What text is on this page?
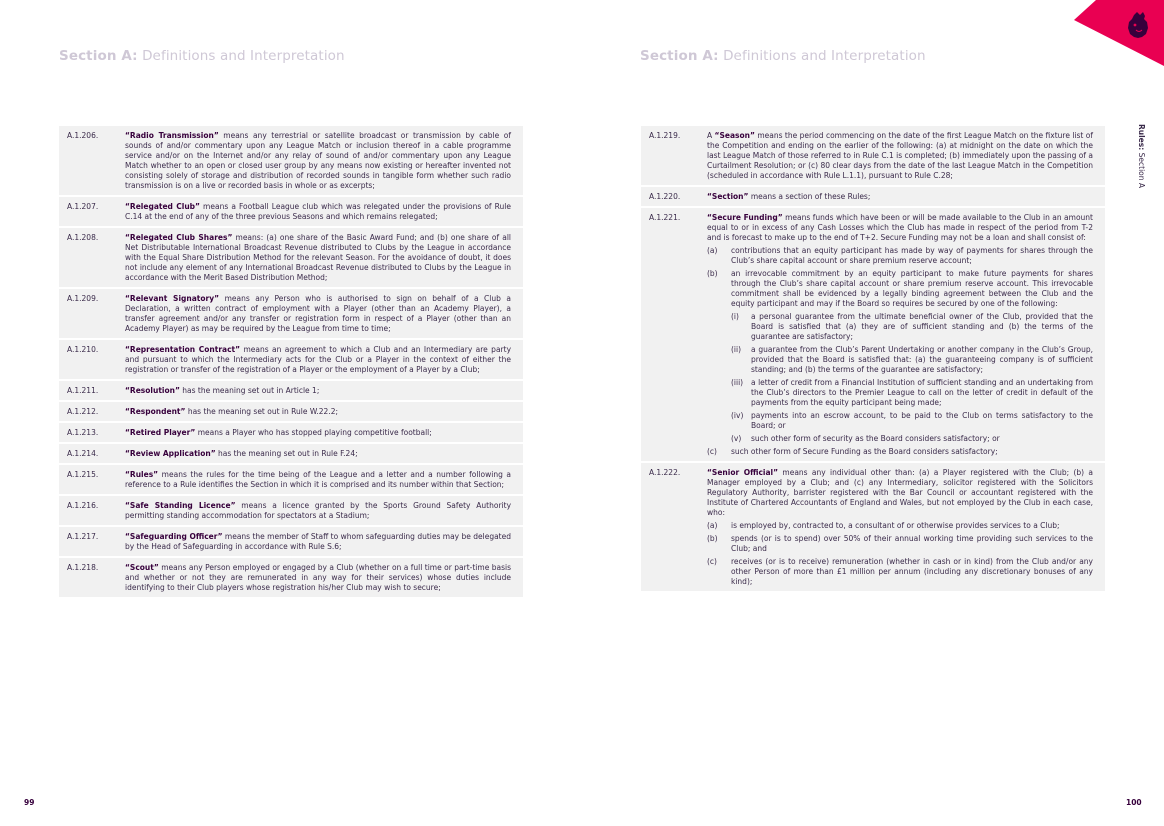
Section A: Definitions and Interpretation	Section A: Definitions and Interpretation
Rules: Section A
A.1.206.	“Radio Transmission” means any terrestrial or satellite broadcast or transmission by cable of sounds of and/or commentary upon any League Match or inclusion thereof in a cable programme service and/or on the Internet and/or any relay of sound of and/or commentary upon any League Match whether to an open or closed user group by any means now existing or hereafter invented not consisting solely of storage and distribution of recorded sounds in tangible form whether such radio transmission is on a live or recorded basis in whole or as excerpts;
A.1.207.	“Relegated Club” means a Football League club which was relegated under the provisions of Rule C.14 at the end of any of the three previous Seasons and which remains relegated;
A.1.208.	“Relegated Club Shares” means: (a) one share of the Basic Award Fund; and (b) one share of all Net Distributable International Broadcast Revenue distributed to Clubs by the League in accordance with the Equal Share Distribution Method for the relevant Season. For the avoidance of doubt, it does not include any element of any International Broadcast Revenue distributed to Clubs by the League in accordance with the Merit Based Distribution Method;
A.1.209.	“Relevant Signatory” means any Person who is authorised to sign on behalf of a Club a Declaration, a written contract of employment with a Player (other than an Academy Player), a transfer agreement and/or any transfer or registration form in respect of a Player (other than an Academy Player) as may be required by the League from time to time;
A.1.210.	“Representation Contract” means an agreement to which a Club and an Intermediary are party and pursuant to which the Intermediary acts for the Club or a Player in the context of either the registration or transfer of the registration of a Player or the employment of a Player by a Club;
A.1.211.	“Resolution” has the meaning set out in Article 1;
A.1.212.	“Respondent” has the meaning set out in Rule W.22.2;
A.1.213.	“Retired Player” means a Player who has stopped playing competitive football;
A.1.214.	“Review Application” has the meaning set out in Rule F.24;
A.1.215.	“Rules” means the rules for the time being of the League and a letter and a number following a reference to a Rule identifies the Section in which it is comprised and its number within that Section;
A.1.216.	“Safe Standing Licence” means a licence granted by the Sports Ground Safety Authority permitting standing accommodation for spectators at a Stadium;
A.1.217.	“Safeguarding Officer” means the member of Staff to whom safeguarding duties may be delegated by the Head of Safeguarding in accordance with Rule S.6;
A.1.218.	“Scout” means any Person employed or engaged by a Club (whether on a full time or part-time basis and whether or not they are remunerated in any way for their services) whose duties include identifying to their Club players whose registration his/her Club may wish to secure;
A.1.219.	A “Season” means the period commencing on the date of the first League Match on the fixture list of the Competition and ending on the earlier of the following: (a) at midnight on the date on which the last League Match of those referred to in Rule C.1 is completed; (b) immediately upon the passing of a Curtailment Resolution; or (c) 80 clear days from the date of the last League Match in the Competition (scheduled in accordance with Rule L.1.1), pursuant to Rule C.28;
A.1.220.	“Section” means a section of these Rules;
A.1.221.	“Secure Funding” means funds which have been or will be made available to the Club in an amount equal to or in excess of any Cash Losses which the Club has made in respect of the period from T-2 and is forecast to make up to the end of T+2. Secure Funding may not be a loan and shall consist of:
(a)	contributions that an equity participant has made by way of payments for shares through the Club’s share capital account or share premium reserve account;
(b)	an irrevocable commitment by an equity participant to make future payments for shares through the Club’s share capital account or share premium reserve account. This irrevocable commitment shall be evidenced by a legally binding agreement between the Club and the equity participant and may if the Board so requires be secured by one of the following:
(i)	a personal guarantee from the ultimate beneficial owner of the Club, provided that the Board is satisfied that (a) they are of sufficient standing and (b) the terms of the guarantee are satisfactory;
(ii)	a guarantee from the Club’s Parent Undertaking or another company in the Club’s Group, provided that the Board is satisfied that: (a) the guaranteeing company is of sufficient standing; and (b) the terms of the guarantee are satisfactory;
(iii)	a letter of credit from a Financial Institution of sufficient standing and an undertaking from the Club’s directors to the Premier League to call on the letter of credit in default of the payments from the equity participant being made;
(iv)	payments into an escrow account, to be paid to the Club on terms satisfactory to the Board; or
(v)	such other form of security as the Board considers satisfactory; or
(c)	such other form of Secure Funding as the Board considers satisfactory;
A.1.222.	“Senior Official” means any individual other than: (a) a Player registered with the Club; (b) a Manager employed by a Club; and (c) any Intermediary, solicitor registered with the Solicitors Regulatory Authority, barrister registered with the Bar Council or accountant registered with the Institute of Chartered Accountants of England and Wales, but not employed by the Club in each case, who:
(a)	is employed by, contracted to, a consultant of or otherwise provides services to a Club;
(b)	spends (or is to spend) over 50% of their annual working time providing such services to the Club; and
(c)	receives (or is to receive) remuneration (whether in cash or in kind) from the Club and/or any other Person of more than £1 million per annum (including any discretionary bonuses of any kind);
99	100
